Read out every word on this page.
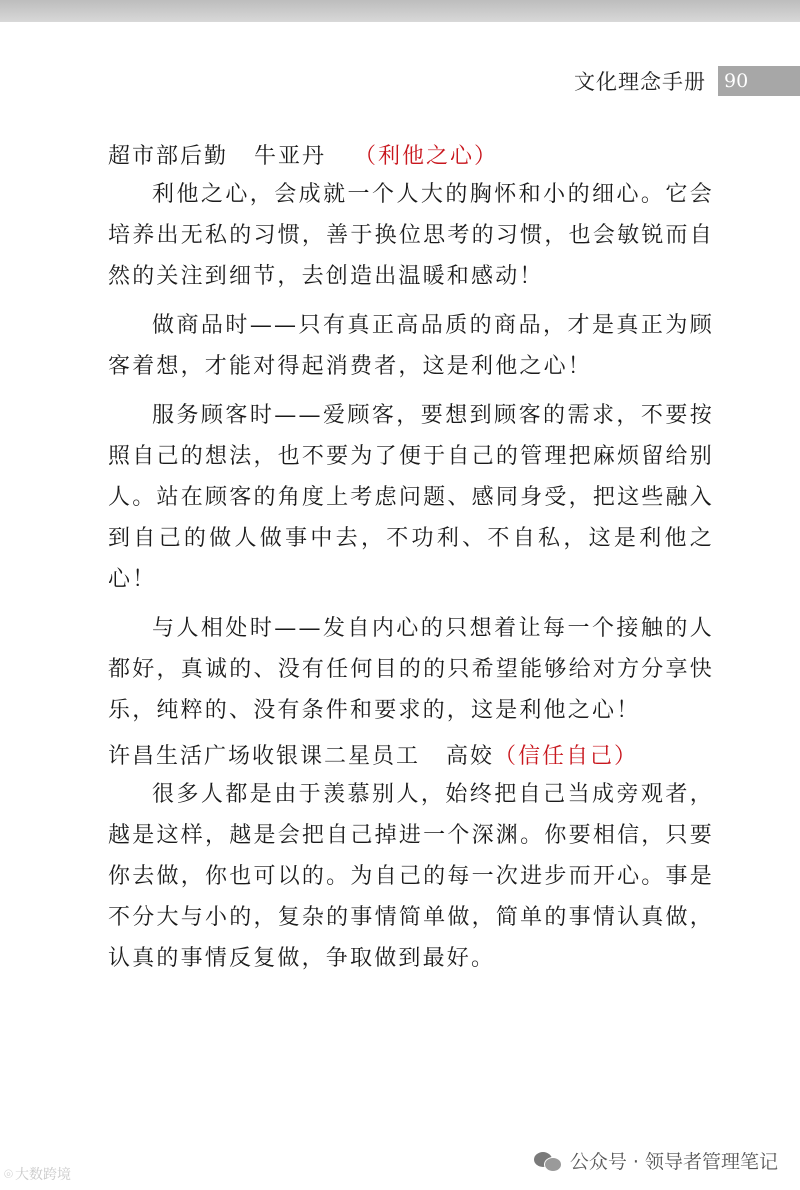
文化理念手册 90
超市部后勤 牛亚丹 （利他之心）

利他之心，会成就一个人大的胸怀和小的细心。它会培养出无私的习惯，善于换位思考的习惯，也会敏锐而自然的关注到细节，去创造出温暖和感动！

做商品时——只有真正高品质的商品，才是真正为顾客着想，才能对得起消费者，这是利他之心！

服务顾客时——爱顾客，要想到顾客的需求，不要按照自己的想法，也不要为了便于自己的管理把麻烦留给别人。站在顾客的角度上考虑问题、感同身受，把这些融入到自己的做人做事中去，不功利、不自私，这是利他之心！

与人相处时——发自内心的只想着让每一个接触的人都好，真诚的、没有任何目的的只希望能够给对方分享快乐，纯粹的、没有条件和要求的，这是利他之心！

许昌生活广场收银课二星员工 高姣（信任自己）

很多人都是由于羡慕别人，始终把自己当成旁观者，越是这样，越是会把自己掉进一个深渊。你要相信，只要你去做，你也可以的。为自己的每一次进步而开心。事是不分大与小的，复杂的事情简单做，简单的事情认真做，认真的事情反复做，争取做到最好。

⌾ 大数跨境
公众号 · 领导者管理笔记
